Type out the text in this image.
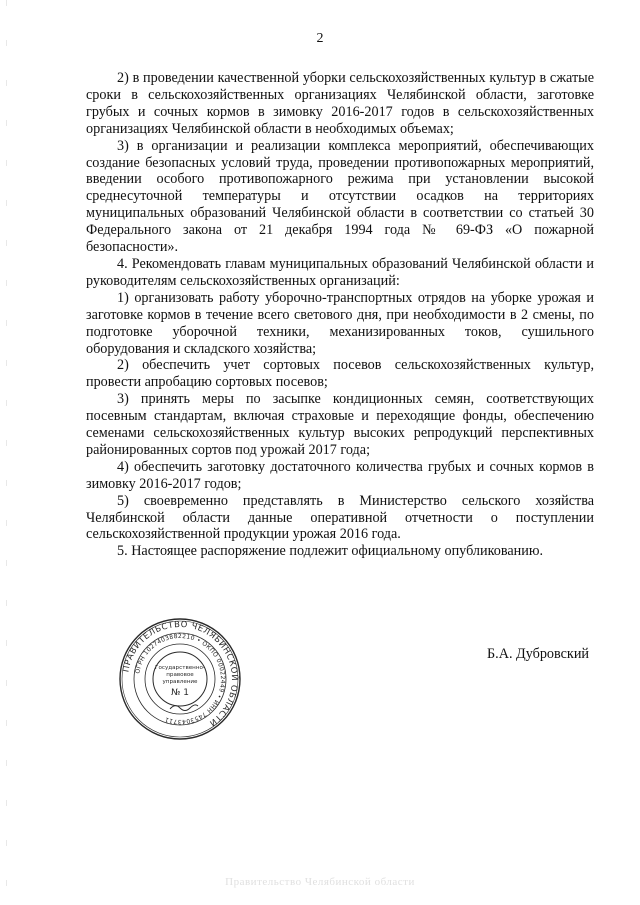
2

2) в проведении качественной уборки сельскохозяйственных культур в сжатые сроки в сельскохозяйственных организациях Челябинской области, заготовке грубых и сочных кормов в зимовку 2016-2017 годов в сельскохозяйственных организациях Челябинской области в необходимых объемах;

3) в организации и реализации комплекса мероприятий, обеспечивающих создание безопасных условий труда, проведении противопожарных мероприятий, введении особого противопожарного режима при установлении высокой среднесуточной температуры и отсутствии осадков на территориях муниципальных образований Челябинской области в соответствии со статьей 30 Федерального закона от 21 декабря 1994 года № 69-ФЗ «О пожарной безопасности».

4. Рекомендовать главам муниципальных образований Челябинской области и руководителям сельскохозяйственных организаций:

1) организовать работу уборочно-транспортных отрядов на уборке урожая и заготовке кормов в течение всего светового дня, при необходимости в 2 смены, по подготовке уборочной техники, механизированных токов, сушильного оборудования и складского хозяйства;

2) обеспечить учет сортовых посевов сельскохозяйственных культур, провести апробацию сортовых посевов;

3) принять меры по засыпке кондиционных семян, соответствующих посевным стандартам, включая страховые и переходящие фонды, обеспечению семенами сельскохозяйственных культур высоких репродукций перспективных районированных сортов под урожай 2017 года;

4) обеспечить заготовку достаточного количества грубых и сочных кормов в зимовку 2016-2017 годов;

5) своевременно представлять в Министерство сельского хозяйства Челябинской области данные оперативной отчетности о поступлении сельскохозяйственной продукции урожая 2016 года.

5. Настоящее распоряжение подлежит официальному опубликованию.

ПРАВИТЕЛЬСТВО ЧЕЛЯБИНСКОЙ ОБЛАСТИ
ОГРН 1027403882210 • ОКПО 00022449 • ИНН 7453043711
Государственно-
правовое
управление
№ 1
Б.А. Дубровский
Правительство Челябинской области
